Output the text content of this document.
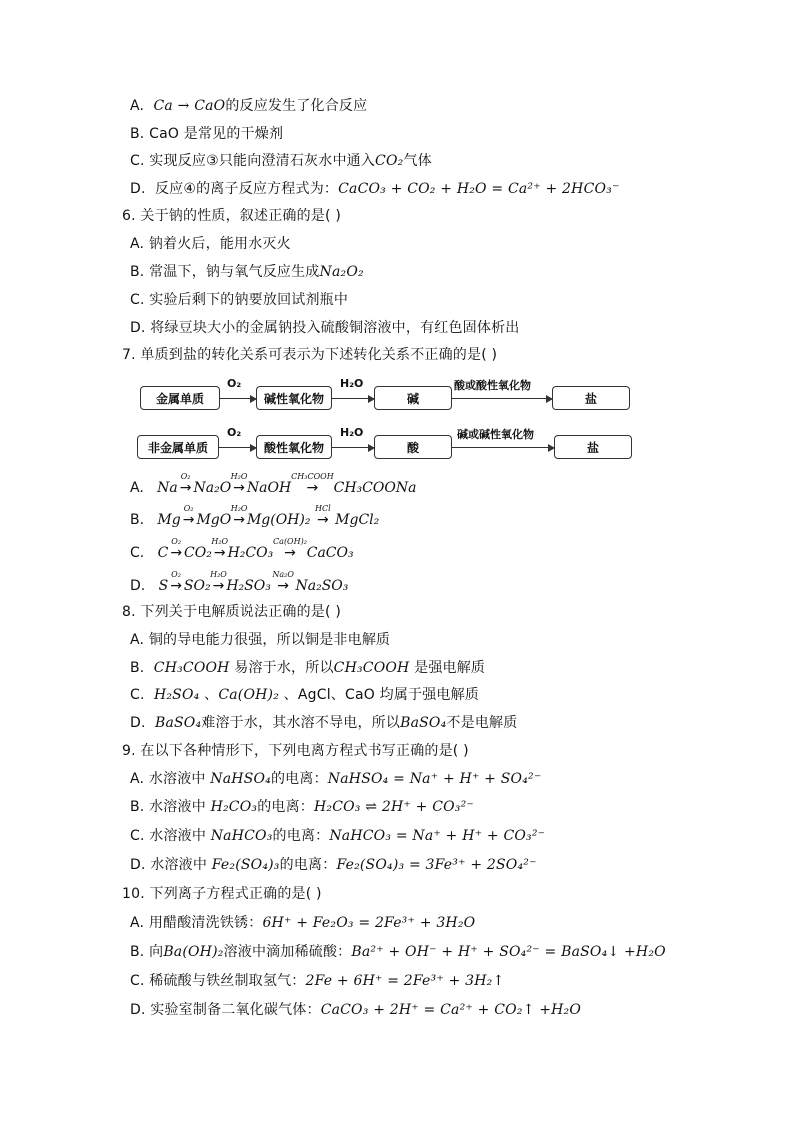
A. Ca → CaO的反应发生了化合反应
B. CaO 是常见的干燥剂
C. 实现反应③只能向澄清石灰水中通入CO₂气体
D. 反应④的离子反应方程式为：CaCO₃ + CO₂ + H₂O = Ca²⁺ + 2HCO₃⁻
6. 关于钠的性质，叙述正确的是( )
A. 钠着火后，能用水灭火
B. 常温下，钠与氧气反应生成Na₂O₂
C. 实验后剩下的钠要放回试剂瓶中
D. 将绿豆块大小的金属钠投入硫酸铜溶液中，有红色固体析出
7. 单质到盐的转化关系可表示为下述转化关系不正确的是( )
金属单质
O₂
碱性氧化物
H₂O
碱
酸或酸性氧化物
盐
非金属单质
O₂
酸性氧化物
H₂O
酸
碱或碱性氧化物
盐
A. Na →
O₂
Na₂O →
H₂O
NaOH   →
CH₃COOH
CH₃COONa
B. Mg →
O₂
MgO →
H₂O
Mg(OH)₂ →
HCl
MgCl₂
C. C →
O₂
CO₂ →
H₂O
H₂CO₃  →
Ca(OH)₂
CaCO₃
D. S →
O₂
SO₂ →
H₂O
H₂SO₃ →
Na₂O
Na₂SO₃
8. 下列关于电解质说法正确的是( )
A. 铜的导电能力很强，所以铜是非电解质
B. CH₃COOH 易溶于水，所以CH₃COOH 是强电解质
C. H₂SO₄ 、Ca(OH)₂ 、AgCl、CaO 均属于强电解质
D. BaSO₄难溶于水，其水溶不导电，所以BaSO₄不是电解质
9. 在以下各种情形下，下列电离方程式书写正确的是( )
A. 水溶液中 NaHSO₄的电离：NaHSO₄ = Na⁺ + H⁺ + SO₄²⁻
B. 水溶液中 H₂CO₃的电离：H₂CO₃ ⇌ 2H⁺ + CO₃²⁻
C. 水溶液中 NaHCO₃的电离：NaHCO₃ = Na⁺ + H⁺ + CO₃²⁻
D. 水溶液中 Fe₂(SO₄)₃的电离：Fe₂(SO₄)₃ = 3Fe³⁺ + 2SO₄²⁻
10. 下列离子方程式正确的是( )
A. 用醋酸清洗铁锈：6H⁺ + Fe₂O₃ = 2Fe³⁺ + 3H₂O
B. 向Ba(OH)₂溶液中滴加稀硫酸：Ba²⁺ + OH⁻ + H⁺ + SO₄²⁻ = BaSO₄↓ +H₂O
C. 稀硫酸与铁丝制取氢气：2Fe + 6H⁺ = 2Fe³⁺ + 3H₂↑
D. 实验室制备二氧化碳气体：CaCO₃ + 2H⁺ = Ca²⁺ + CO₂↑ +H₂O
